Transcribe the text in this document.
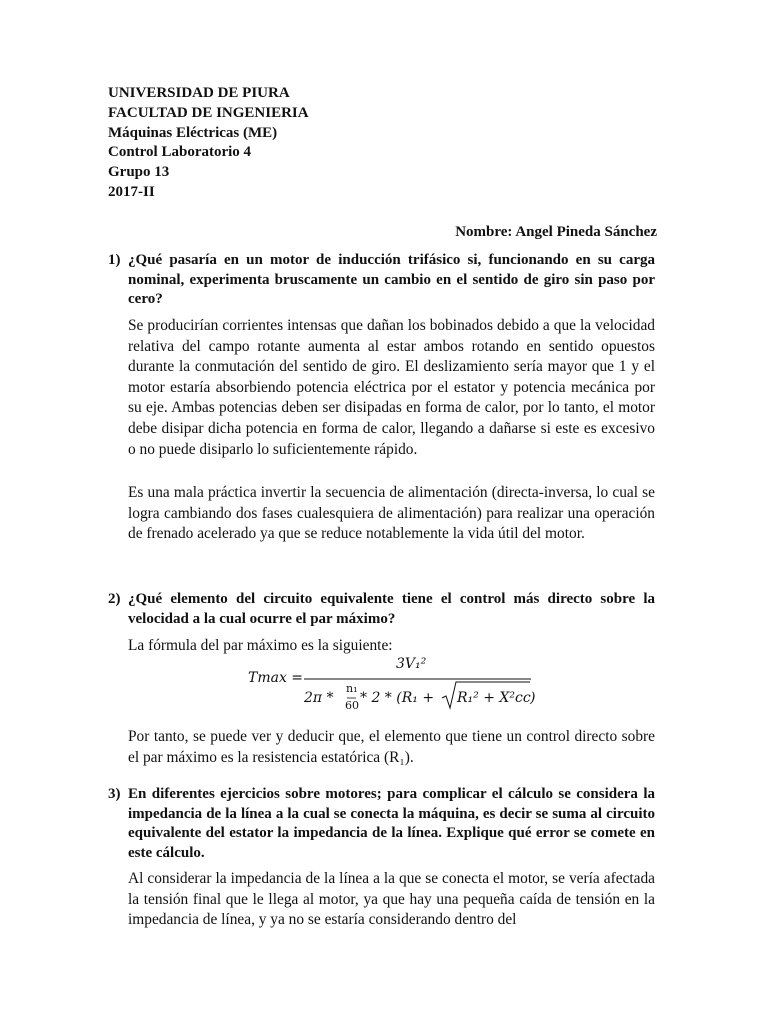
UNIVERSIDAD DE PIURA
FACULTAD DE INGENIERIA
Máquinas Eléctricas (ME)
Control Laboratorio 4
Grupo 13
2017-II
Nombre: Angel Pineda Sánchez
1) ¿Qué pasaría en un motor de inducción trifásico si, funcionando en su carga nominal, experimenta bruscamente un cambio en el sentido de giro sin paso por cero?
Se producirían corrientes intensas que dañan los bobinados debido a que la velocidad relativa del campo rotante aumenta al estar ambos rotando en sentido opuestos durante la conmutación del sentido de giro. El deslizamiento sería mayor que 1 y el motor estaría absorbiendo potencia eléctrica por el estator y potencia mecánica por su eje. Ambas potencias deben ser disipadas en forma de calor, por lo tanto, el motor debe disipar dicha potencia en forma de calor, llegando a dañarse si este es excesivo o no puede disiparlo lo suficientemente rápido.
Es una mala práctica invertir la secuencia de alimentación (directa-inversa, lo cual se logra cambiando dos fases cualesquiera de alimentación) para realizar una operación de frenado acelerado ya que se reduce notablemente la vida útil del motor.
2) ¿Qué elemento del circuito equivalente tiene el control más directo sobre la velocidad a la cual ocurre el par máximo?
La fórmula del par máximo es la siguiente:
Tmax =
3V₁²
2π *
n₁
60 * 2 * (R₁ + R₁² + X²cc )
Por tanto, se puede ver y deducir que, el elemento que tiene un control directo sobre el par máximo es la resistencia estatórica (R₁).
3) En diferentes ejercicios sobre motores; para complicar el cálculo se considera la impedancia de la línea a la cual se conecta la máquina, es decir se suma al circuito equivalente del estator la impedancia de la línea. Explique qué error se comete en este cálculo.
Al considerar la impedancia de la línea a la que se conecta el motor, se vería afectada la tensión final que le llega al motor, ya que hay una pequeña caída de tensión en la impedancia de línea, y ya no se estaría considerando dentro del
